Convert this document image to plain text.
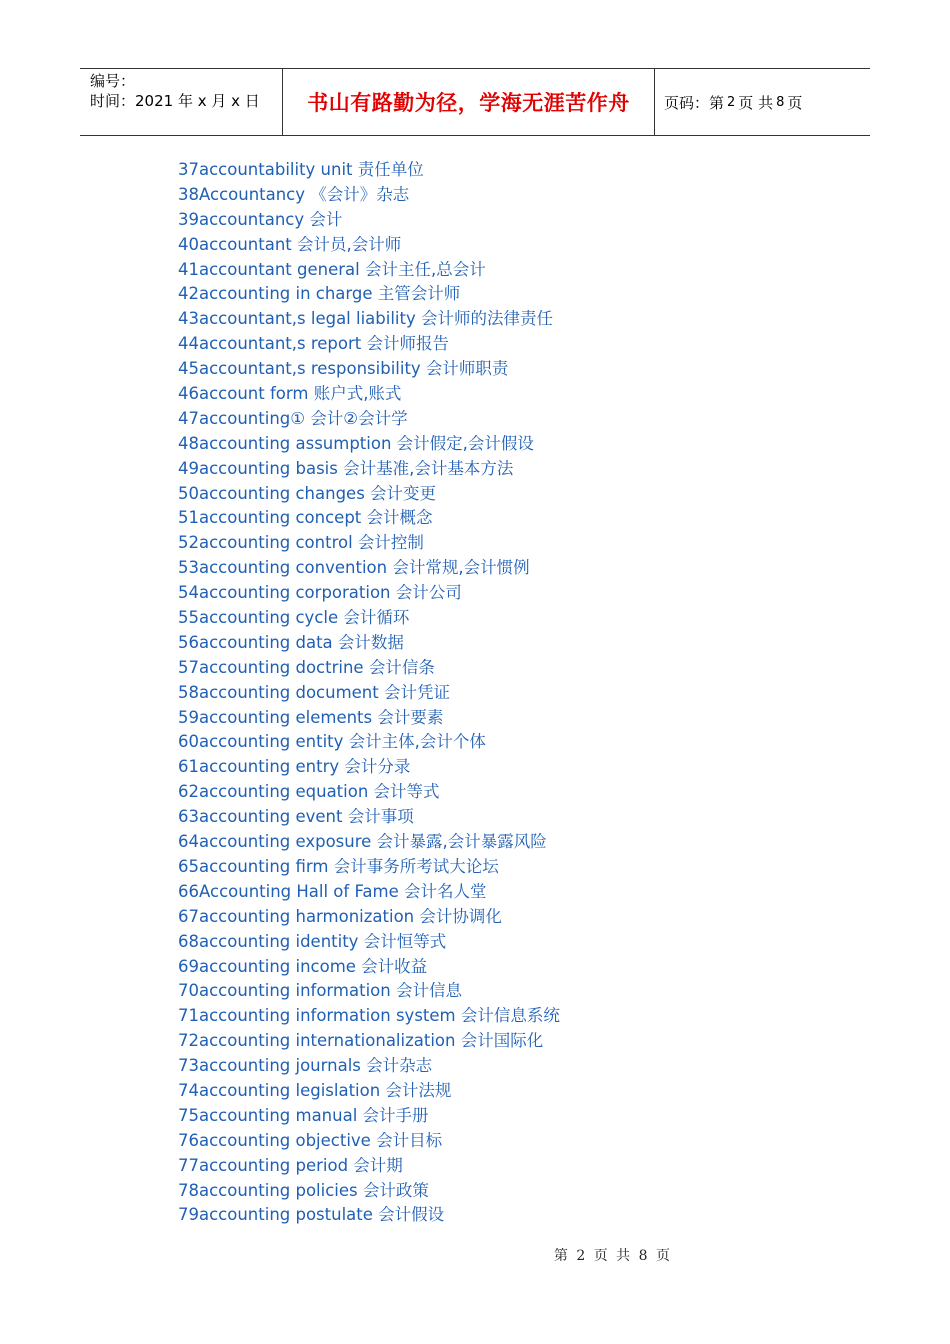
编号：
时间：2021 年 x 月 x 日	书山有路勤为径，学海无涯苦作舟 页码：第 2 页 共 8 页
37accountability unit 责任单位
38Accountancy 《会计》杂志
39accountancy 会计
40accountant 会计员,会计师
41accountant general 会计主任,总会计
42accounting in charge 主管会计师
43accountant,s legal liability 会计师的法律责任
44accountant,s report 会计师报告
45accountant,s responsibility 会计师职责
46account form 账户式,账式
47accounting① 会计②会计学
48accounting assumption 会计假定,会计假设
49accounting basis 会计基准,会计基本方法
50accounting changes 会计变更
51accounting concept 会计概念
52accounting control 会计控制
53accounting convention 会计常规,会计惯例
54accounting corporation 会计公司
55accounting cycle 会计循环
56accounting data 会计数据
57accounting doctrine 会计信条
58accounting document 会计凭证
59accounting elements 会计要素
60accounting entity 会计主体,会计个体
61accounting entry 会计分录
62accounting equation 会计等式
63accounting event 会计事项
64accounting exposure 会计暴露,会计暴露风险
65accounting firm 会计事务所考试大论坛
66Accounting Hall of Fame 会计名人堂
67accounting harmonization 会计协调化
68accounting identity 会计恒等式
69accounting income 会计收益
70accounting information 会计信息
71accounting information system 会计信息系统
72accounting internationalization 会计国际化
73accounting journals 会计杂志
74accounting legislation 会计法规
75accounting manual 会计手册
76accounting objective 会计目标
77accounting period 会计期
78accounting policies 会计政策
79accounting postulate 会计假设
第 2 页 共 8 页
